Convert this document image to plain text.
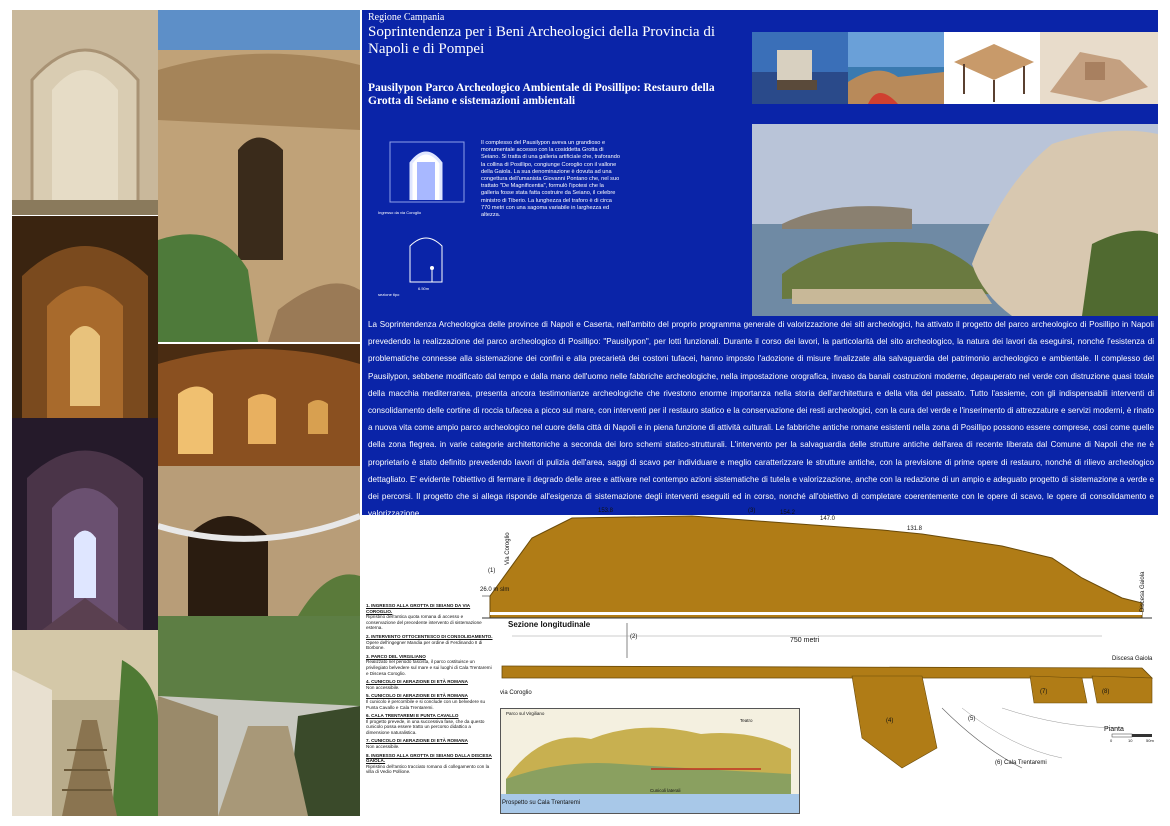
Regione Campania
Soprintendenza per i Beni Archeologici della Provincia di Napoli e di Pompei
Pausilypon Parco Archeologico Ambientale di Posillipo: Restauro della Grotta di Seiano e sistemazioni ambientali
Ingresso da via Coroglio
6.50m
sezione tipo
Il complesso del Pausilypon aveva un grandioso e monumentale accesso con la cosiddetta Grotta di Seiano. Si tratta di una galleria artificiale che, traforando la collina di Posillipo, congiunge Coroglio con il vallone della Gaiola. La sua denominazione è dovuta ad una congettura dell'umanista Giovanni Pontano che, nel suo trattato "De Magnificentia", formulò l'ipotesi che la galleria fosse stata fatta costruire da Seiano, il celebre ministro di Tiberio. La lunghezza del traforo è di circa 770 metri con una sagoma variabile in larghezza ed altezza.
La Soprintendenza Archeologica delle province di Napoli e Caserta, nell'ambito del proprio programma generale di valorizzazione dei siti archeologici, ha attivato il progetto del parco archeologico di Posillipo in Napoli prevedendo la realizzazione del parco archeologico di Posillipo: "Pausilypon", per lotti funzionali. Durante il corso dei lavori, la particolarità del sito archeologico, la natura dei lavori da eseguirsi, nonché l'esistenza di problematiche connesse alla sistemazione dei confini e alla precarietà dei costoni tufacei, hanno imposto l'adozione di misure finalizzate alla salvaguardia del patrimonio archeologico e ambientale. Il complesso del Pausilypon, sebbene modificato dal tempo e dalla mano dell'uomo nelle fabbriche archeologiche, nella impostazione orografica, invaso da banali costruzioni moderne, depauperato nel verde con distruzione quasi totale della macchia mediterranea, presenta ancora testimonianze archeologiche che rivestono enorme importanza nella storia dell'architettura e della vita del passato. Tutto l'assieme, con gli indispensabili interventi di consolidamento delle cortine di roccia tufacea a picco sul mare, con interventi per il restauro statico e la conservazione dei resti archeologici, con la cura del verde e l'inserimento di attrezzature e servizi moderni, è rinato a nuova vita come ampio parco archeologico nel cuore della città di Napoli e in piena funzione di attività culturali. Le fabbriche antiche romane esistenti nella zona di Posillipo possono essere comprese, così come quelle della zona flegrea. in varie categorie architettoniche a seconda dei loro schemi statico-strutturali. L'intervento per la salvaguardia delle strutture antiche dell'area di recente liberata dal Comune di Napoli che ne è proprietario è stato definito prevedendo lavori di pulizia dell'area, saggi di scavo per individuare e meglio caratterizzare le strutture antiche, con la previsione di prime opere di restauro, nonché di rilievo archeologico dettagliato. E' evidente l'obiettivo di fermare il degrado delle aree e attivare nel contempo azioni sistematiche di tutela e valorizzazione, anche con la redazione di un ampio e adeguato progetto di sistemazione a verde e dei percorsi. Il progetto che si allega risponde all'esigenza di sistemazione degli interventi eseguiti ed in corso, nonché all'obiettivo di completare coerentemente con le opere di scavo, le opere di consolidamento e valorizzazione.
1. INGRESSO ALLA GROTTA DI SEIANO DA VIA COROGLIO.
Ripristino dell'antica quota romana di accesso e conservazione del precedente intervento di sistemazione esterna.
2. INTERVENTO OTTOCENTESCO DI CONSOLIDAMENTO.
Opere dell'ingegner Mandia per ordine di Ferdinando II di Borbone.
3. PARCO DEL VIRGILIANO
Realizzato nel periodo fascista, il parco costituisce un privilegiato belvedere sul mare e sui luoghi di Cala Trentaremi e Discesa Coroglio.
4. CUNICOLO DI AERAZIONE DI ETÀ ROMANA
Non accessibile.
5. CUNICOLO DI AERAZIONE DI ETÀ ROMANA
Il cunicolo è percorribile e si conclude con un belvedere su Punta Cavallo e Cala Trentaremi.
6. CALA TRENTAREMI E PUNTA CAVALLO
Il progetto prevede, in una successiva fase, che da questo cunicolo possa essere tratto un percorso didattico a dimensione naturalistica.
7. CUNICOLO DI AERAZIONE DI ETÀ ROMANA
Non accessibile.
8. INGRESSO ALLA GROTTA DI SEIANO DALLA DISCESA GAIOLA.
Ripristino dell'antico tracciato romano di collegamento con la villa di Vedio Pollione.
153.8	(3)	154.2
147.0
131.8
(1)
26.0 m slm
Via Coroglio
Discesa Gaiola
Sezione longitudinale
(2)	750 metri
via Coroglio
Discesa Gaiola
(4)	(5)
(7)	(8)
Pianta
(6) Cala Trentaremi
0	10	50m
Parco sul Virgiliano
Teatro
Cunicoli laterali
Prospetto su Cala Trentaremi
